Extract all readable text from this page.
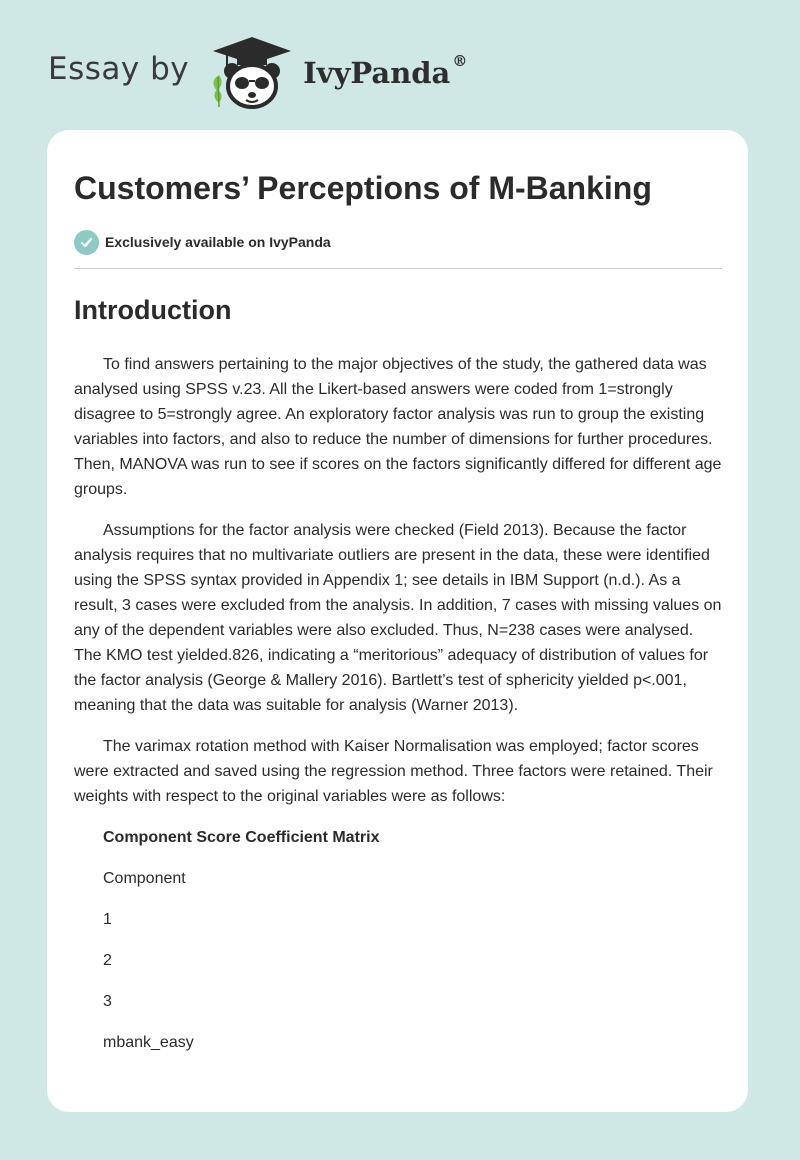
Essay by	IvyPanda ®
Customers’ Perceptions of M-Banking
Exclusively available on IvyPanda
Introduction

To find answers pertaining to the major objectives of the study, the gathered data was analysed using SPSS v.23. All the Likert-based answers were coded from 1=strongly disagree to 5=strongly agree. An exploratory factor analysis was run to group the existing variables into factors, and also to reduce the number of dimensions for further procedures. Then, MANOVA was run to see if scores on the factors significantly differed for different age groups.

Assumptions for the factor analysis were checked (Field 2013). Because the factor analysis requires that no multivariate outliers are present in the data, these were identified using the SPSS syntax provided in Appendix 1; see details in IBM Support (n.d.). As a result, 3 cases were excluded from the analysis. In addition, 7 cases with missing values on any of the dependent variables were also excluded. Thus, N=238 cases were analysed. The KMO test yielded.826, indicating a “meritorious” adequacy of distribution of values for the factor analysis (George & Mallery 2016). Bartlett’s test of sphericity yielded p<.001, meaning that the data was suitable for analysis (Warner 2013).

The varimax rotation method with Kaiser Normalisation was employed; factor scores were extracted and saved using the regression method. Three factors were retained. Their weights with respect to the original variables were as follows:

Component Score Coefficient Matrix
Component
1
2
3
mbank_easy
